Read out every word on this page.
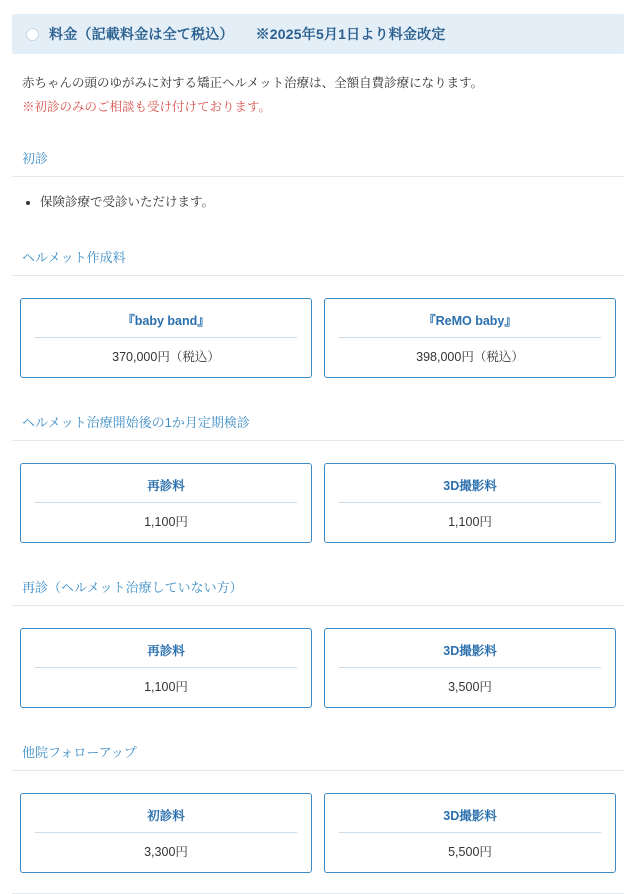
料金（記載料金は全て税込） ※2025年5月1日より料金改定
赤ちゃんの頭のゆがみに対する矯正ヘルメット治療は、全額自費診療になります。
※初診のみのご相談も受け付けております。
初診
• 保険診療で受診いただけます。
ヘルメット作成料
『baby band』
370,000円（税込）
『ReMO baby』
398,000円（税込）
ヘルメット治療開始後の1か月定期検診
再診料
1,100円
3D撮影料
1,100円
再診（ヘルメット治療していない方）
再診料
1,100円
3D撮影料
3,500円
他院フォローアップ
初診料
3,300円
3D撮影料
5,500円
